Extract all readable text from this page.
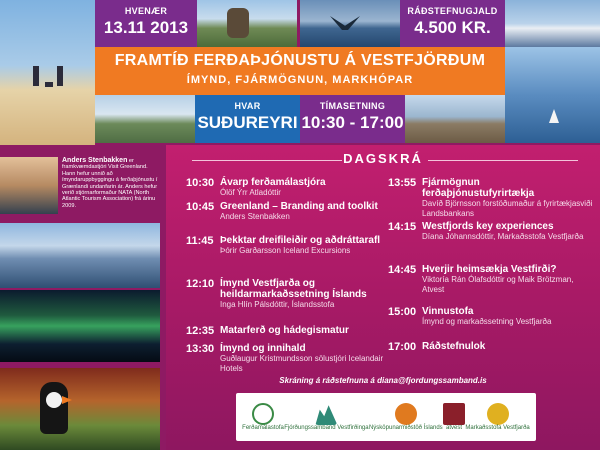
HVENÆR
13.11 2013
RÁÐSTEFNUGJALD
4.500 KR.
FRAMTÍÐ FERÐAÞJÓNUSTU Á VESTFJÖRÐUM
ÍMYND, FJÁRMÖGNUN, MARKHÓPAR
HVAR
SUÐUREYRI
TÍMASETNING
10:30 - 17:00
Anders Stenbakken er framkvæmdastjóri Visit Greenland. Hann hefur unnið að ímyndaruppbyggingu á ferðaþjónustu í Grænlandi undanfarin ár. Anders hefur verið stjórnarformaður NATA (North Atlantic Tourism Association) frá árinu 2009.
DAGSKRÁ
10:30 Ávarp ferðamálastjóra
Ólöf Ýrr Atladóttir
10:45 Greenland – Branding and toolkit
Anders Stenbakken
11:45 Þekktar dreifileiðir og aðdráttarafl
Þórir Garðarsson Iceland Excursions
12:10 Ímynd Vestfjarða og heildarmarkaðssetning Íslands
Inga Hlín Pálsdóttir, Íslandsstofa
12:35 Matarferð og hádegismatur
13:30 Ímynd og innihald
Guðlaugur Kristmundsson sölustjóri Icelandair Hotels
13:55 Fjármögnun ferðaþjónustufyrirtækja
Davíð Björnsson forstöðumaður á fyrirtækjasviði Landsbankans
14:15 Westfjords key experiences
Díana Jóhannsdóttir, Markaðsstofa Vestfjarða
14:45 Hverjir heimsækja Vestfirði?
Viktoría Rán Ólafsdóttir og Maik Brötzman, Atvest
15:00 Vinnustofa
Ímynd og markaðssetning Vestfjarða
17:00 Ráðstefnulok
Skráning á ráðstefnuna á diana@fjordungssamband.is
Ferðamálastofa Fjórðungssamband Vestfirðinga Nýsköpunarmiðstöð Íslands atvest Markaðsstofa Vestfjarða
